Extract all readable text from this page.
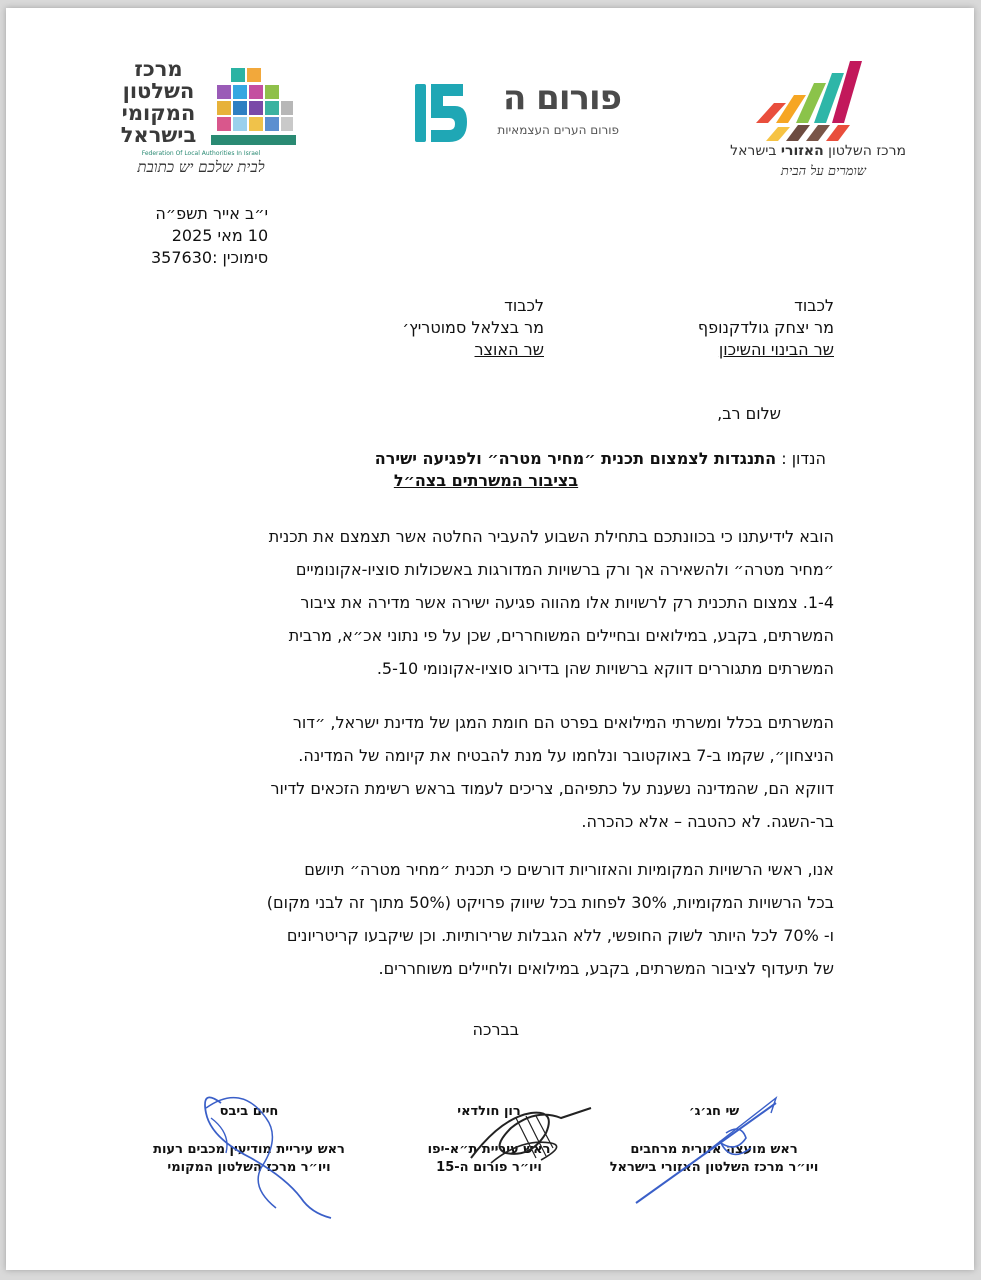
מרכז
השלטון
המקומי
בישראל
Federation Of Local Authorities In Israel
לבית שלכם יש כתובת
פורום ה
פורום הערים העצמאיות
מרכז השלטון האזורי בישראל
שומרים על הבית
י״ב אייר תשפ״ה
10 מאי 2025
סימוכין :357630
לכבוד
מר יצחק גולדקנופף
שר הבינוי והשיכון
לכבוד
מר בצלאל סמוטריץ׳
שר האוצר
שלום רב,
הנדון : התנגדות לצמצום תכנית ״מחיר מטרה״ ולפגיעה ישירה
בציבור המשרתים בצה״ל
הובא לידיעתנו כי בכוונתכם בתחילת השבוע להעביר החלטה אשר תצמצם את תכנית
״מחיר מטרה״ ולהשאירה אך ורק ברשויות המדורגות באשכולות סוציו-אקונומיים
1-4. צמצום התכנית רק לרשויות אלו מהווה פגיעה ישירה אשר מדירה את ציבור
המשרתים, בקבע, במילואים ובחיילים המשוחררים, שכן על פי נתוני אכ״א, מרבית
המשרתים מתגוררים דווקא ברשויות שהן בדירוג סוציו-אקונומי 5-10.
המשרתים בכלל ומשרתי המילואים בפרט הם חומת המגן של מדינת ישראל, ״דור
הניצחון״, שקמו ב-7 באוקטובר ונלחמו על מנת להבטיח את קיומה של המדינה.
דווקא הם, שהמדינה נשענת על כתפיהם, צריכים לעמוד בראש רשימת הזכאים לדיור
בר-השגה. לא כהטבה – אלא כהכרה.
אנו, ראשי הרשויות המקומיות והאזוריות דורשים כי תכנית ״מחיר מטרה״ תיושם
בכל הרשויות המקומיות, 30% לפחות בכל שיווק פרויקט (50% מתוך זה לבני מקום)
ו- 70% לכל היותר לשוק החופשי, ללא הגבלות שרירותיות. וכן שיקבעו קריטריונים
של תיעדוף לציבור המשרתים, בקבע, במילואים ולחיילים משוחררים.
בברכה
שי חג׳ג׳
ראש מועצה אזורית מרחבים
ויו״ר מרכז השלטון האזורי בישראל
רון חולדאי
ראש עיריית ת״א-יפו
ויו״ר פורום ה-15
חיים ביבס
ראש עיריית מודיעין מכבים רעות
ויו״ר מרכז השלטון המקומי
